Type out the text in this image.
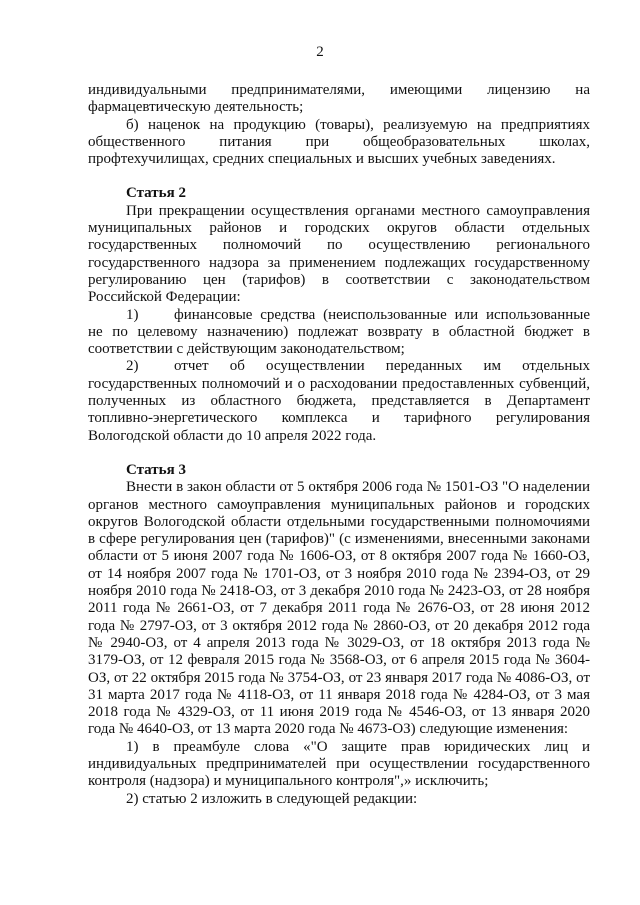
2

индивидуальными предпринимателями, имеющими лицензию на фармацевтическую деятельность;

б) наценок на продукцию (товары), реализуемую на предприятиях общественного питания при общеобразовательных школах, профтехучилищах, средних специальных и высших учебных заведениях.

Статья 2

При прекращении осуществления органами местного самоуправления муниципальных районов и городских округов области отдельных государственных полномочий по осуществлению регионального государственного надзора за применением подлежащих государственному регулированию цен (тарифов) в соответствии с законодательством Российской Федерации:

1) финансовые средства (неиспользованные или использованные не по целевому назначению) подлежат возврату в областной бюджет в соответствии с действующим законодательством;

2) отчет об осуществлении переданных им отдельных государственных полномочий и о расходовании предоставленных субвенций, полученных из областного бюджета, представляется в Департамент топливно-энергетического комплекса и тарифного регулирования Вологодской области до 10 апреля 2022 года.

Статья 3

Внести в закон области от 5 октября 2006 года № 1501-ОЗ "О наделении органов местного самоуправления муниципальных районов и городских округов Вологодской области отдельными государственными полномочиями в сфере регулирования цен (тарифов)" (с изменениями, внесенными законами области от 5 июня 2007 года № 1606-ОЗ, от 8 октября 2007 года № 1660-ОЗ, от 14 ноября 2007 года № 1701-ОЗ, от 3 ноября 2010 года № 2394-ОЗ, от 29 ноября 2010 года № 2418-ОЗ, от 3 декабря 2010 года № 2423-ОЗ, от 28 ноября 2011 года № 2661-ОЗ, от 7 декабря 2011 года № 2676-ОЗ, от 28 июня 2012 года № 2797-ОЗ, от 3 октября 2012 года № 2860-ОЗ, от 20 декабря 2012 года № 2940-ОЗ, от 4 апреля 2013 года № 3029-ОЗ, от 18 октября 2013 года № 3179-ОЗ, от 12 февраля 2015 года № 3568-ОЗ, от 6 апреля 2015 года № 3604-ОЗ, от 22 октября 2015 года № 3754-ОЗ, от 23 января 2017 года № 4086-ОЗ, от 31 марта 2017 года № 4118-ОЗ, от 11 января 2018 года № 4284-ОЗ, от 3 мая 2018 года № 4329-ОЗ, от 11 июня 2019 года № 4546-ОЗ, от 13 января 2020 года № 4640-ОЗ, от 13 марта 2020 года № 4673-ОЗ) следующие изменения:

1) в преамбуле слова «"О защите прав юридических лиц и индивидуальных предпринимателей при осуществлении государственного контроля (надзора) и муниципального контроля",» исключить;

2) статью 2 изложить в следующей редакции:
